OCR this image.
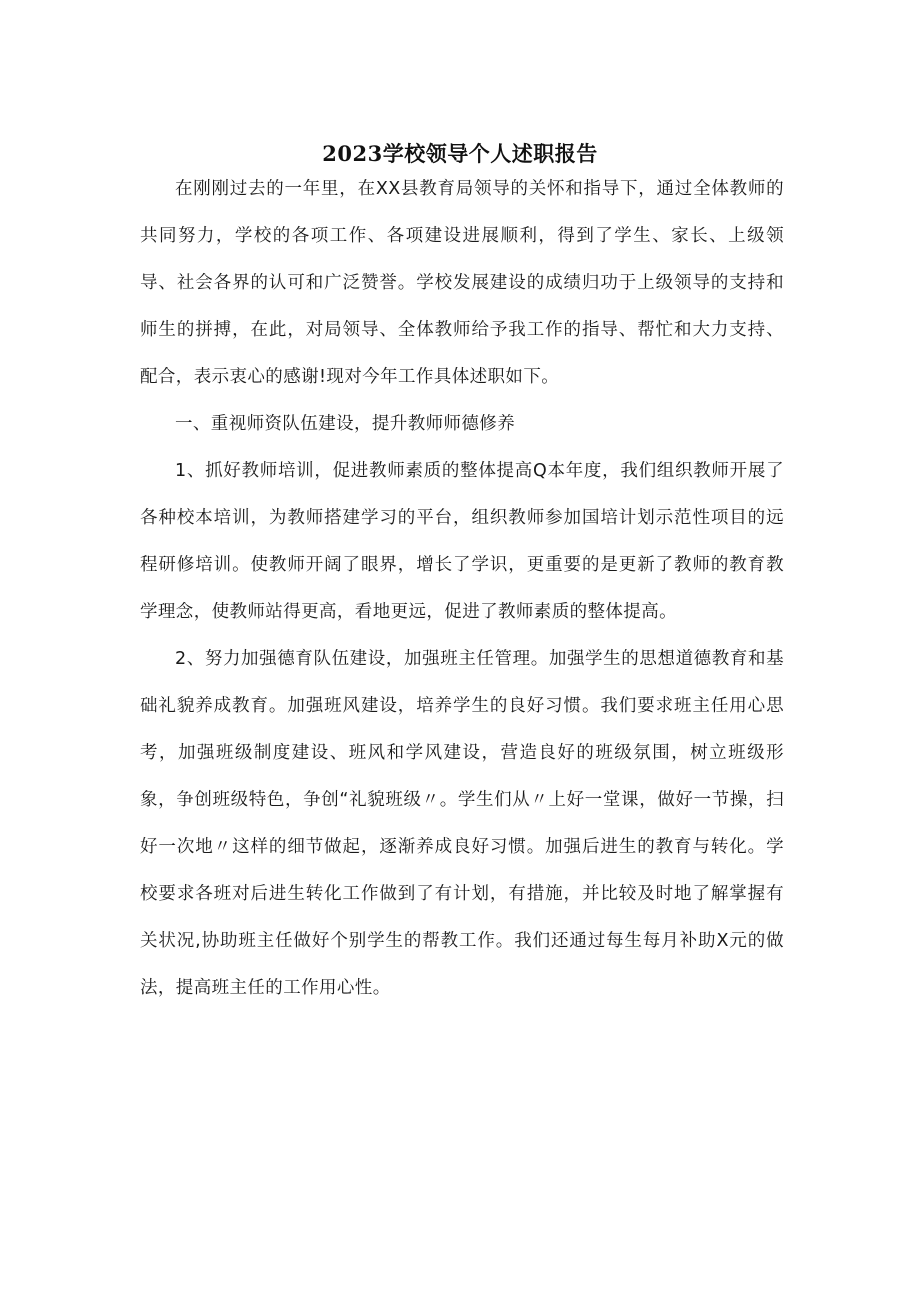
2023学校领导个人述职报告

在刚刚过去的一年里，在XX县教育局领导的关怀和指导下，通过全体教师的共同努力，学校的各项工作、各项建设进展顺利，得到了学生、家长、上级领导、社会各界的认可和广泛赞誉。学校发展建设的成绩归功于上级领导的支持和师生的拼搏，在此，对局领导、全体教师给予我工作的指导、帮忙和大力支持、配合，表示衷心的感谢!现对今年工作具体述职如下。

一、重视师资队伍建设，提升教师师德修养

1、抓好教师培训，促进教师素质的整体提高Q本年度，我们组织教师开展了各种校本培训，为教师搭建学习的平台，组织教师参加国培计划示范性项目的远程研修培训。使教师开阔了眼界，增长了学识，更重要的是更新了教师的教育教学理念，使教师站得更高，看地更远，促进了教师素质的整体提高。

2、努力加强德育队伍建设，加强班主任管理。加强学生的思想道德教育和基础礼貌养成教育。加强班风建设，培养学生的良好习惯。我们要求班主任用心思考，加强班级制度建设、班风和学风建设，营造良好的班级氛围，树立班级形象，争创班级特色，争创“礼貌班级〃。学生们从〃上好一堂课，做好一节操，扫好一次地〃这样的细节做起，逐渐养成良好习惯。加强后进生的教育与转化。学校要求各班对后进生转化工作做到了有计划，有措施，并比较及时地了解掌握有关状况,协助班主任做好个别学生的帮教工作。我们还通过每生每月补助X元的做法，提高班主任的工作用心性。
